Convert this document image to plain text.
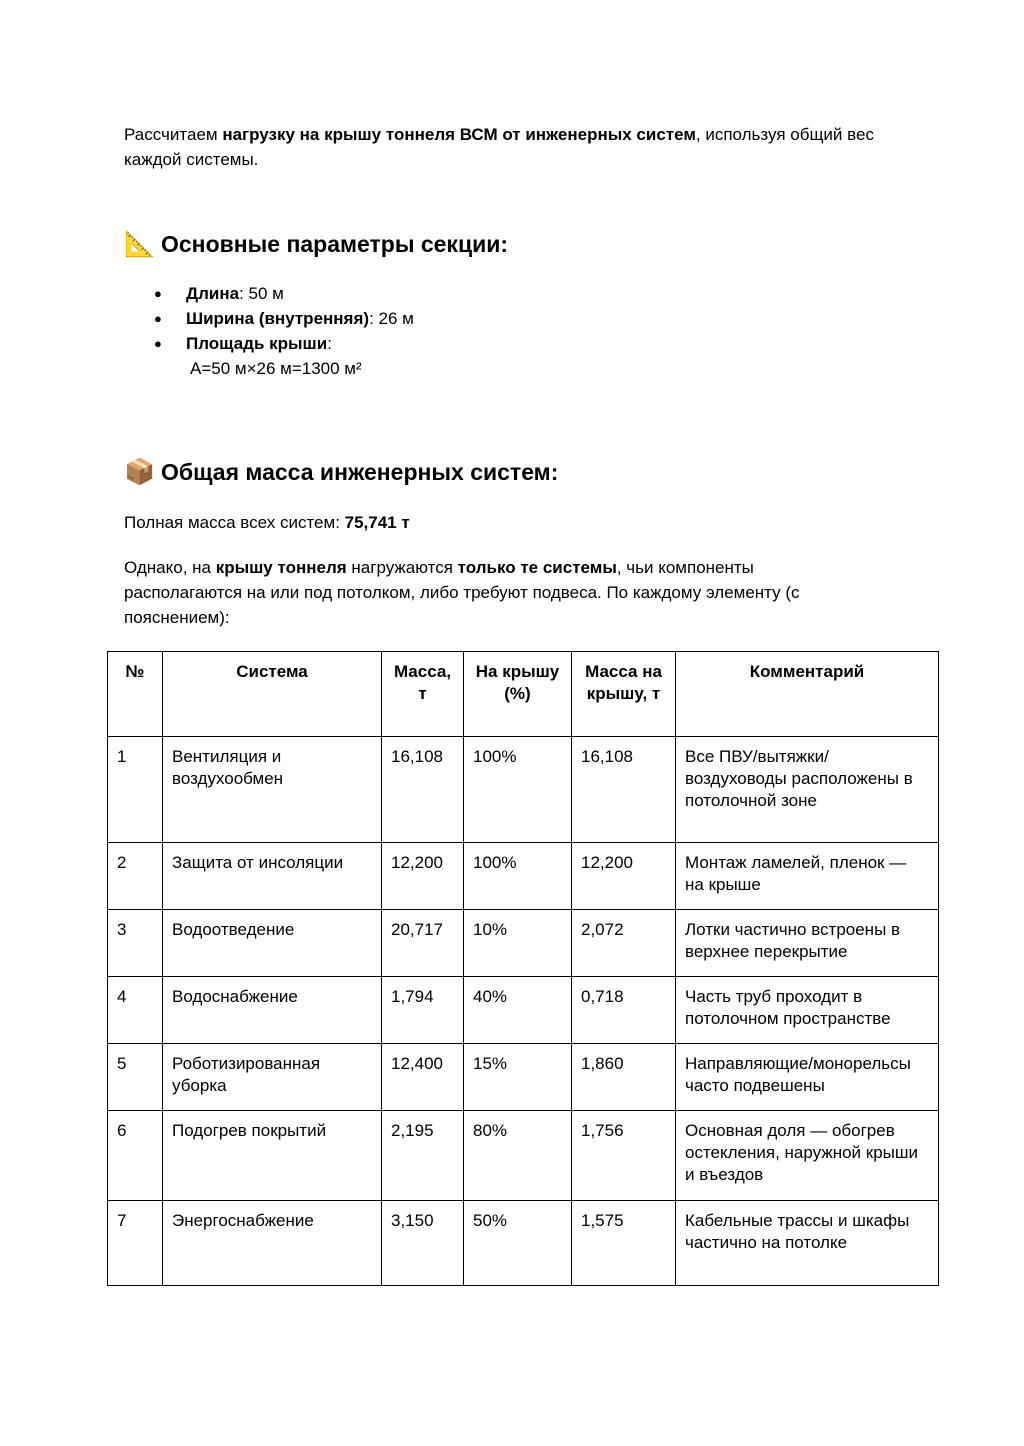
Рассчитаем нагрузку на крышу тоннеля ВСМ от инженерных систем, используя общий вес каждой системы.

📐 Основные параметры секции:
● Длина: 50 м
● Ширина (внутренняя): 26 м
● Площадь крыши:

A=50 м×26 м=1300 м²

📦 Общая масса инженерных систем:

Полная масса всех систем: 75,741 т

Однако, на крышу тоннеля нагружаются только те системы, чьи компоненты располагаются на или под потолком, либо требуют подвеса. По каждому элементу (с пояснением):

№	Система	Масса, т	На крышу (%)	Масса на крышу, т	Комментарий
1	Вентиляция и воздухообмен	16,108	100%	16,108	Все ПВУ/вытяжки/воздуховоды расположены в потолочной зоне
2	Защита от инсоляции	12,200	100%	12,200	Монтаж ламелей, пленок — на крыше
3	Водоотведение	20,717	10%	2,072	Лотки частично встроены в верхнее перекрытие
4	Водоснабжение	1,794	40%	0,718	Часть труб проходит в потолочном пространстве
5	Роботизированная уборка	12,400	15%	1,860	Направляющие/монорельсы часто подвешены
6	Подогрев покрытий	2,195	80%	1,756	Основная доля — обогрев остекления, наружной крыши и въездов
7	Энергоснабжение	3,150	50%	1,575	Кабельные трассы и шкафы частично на потолке
